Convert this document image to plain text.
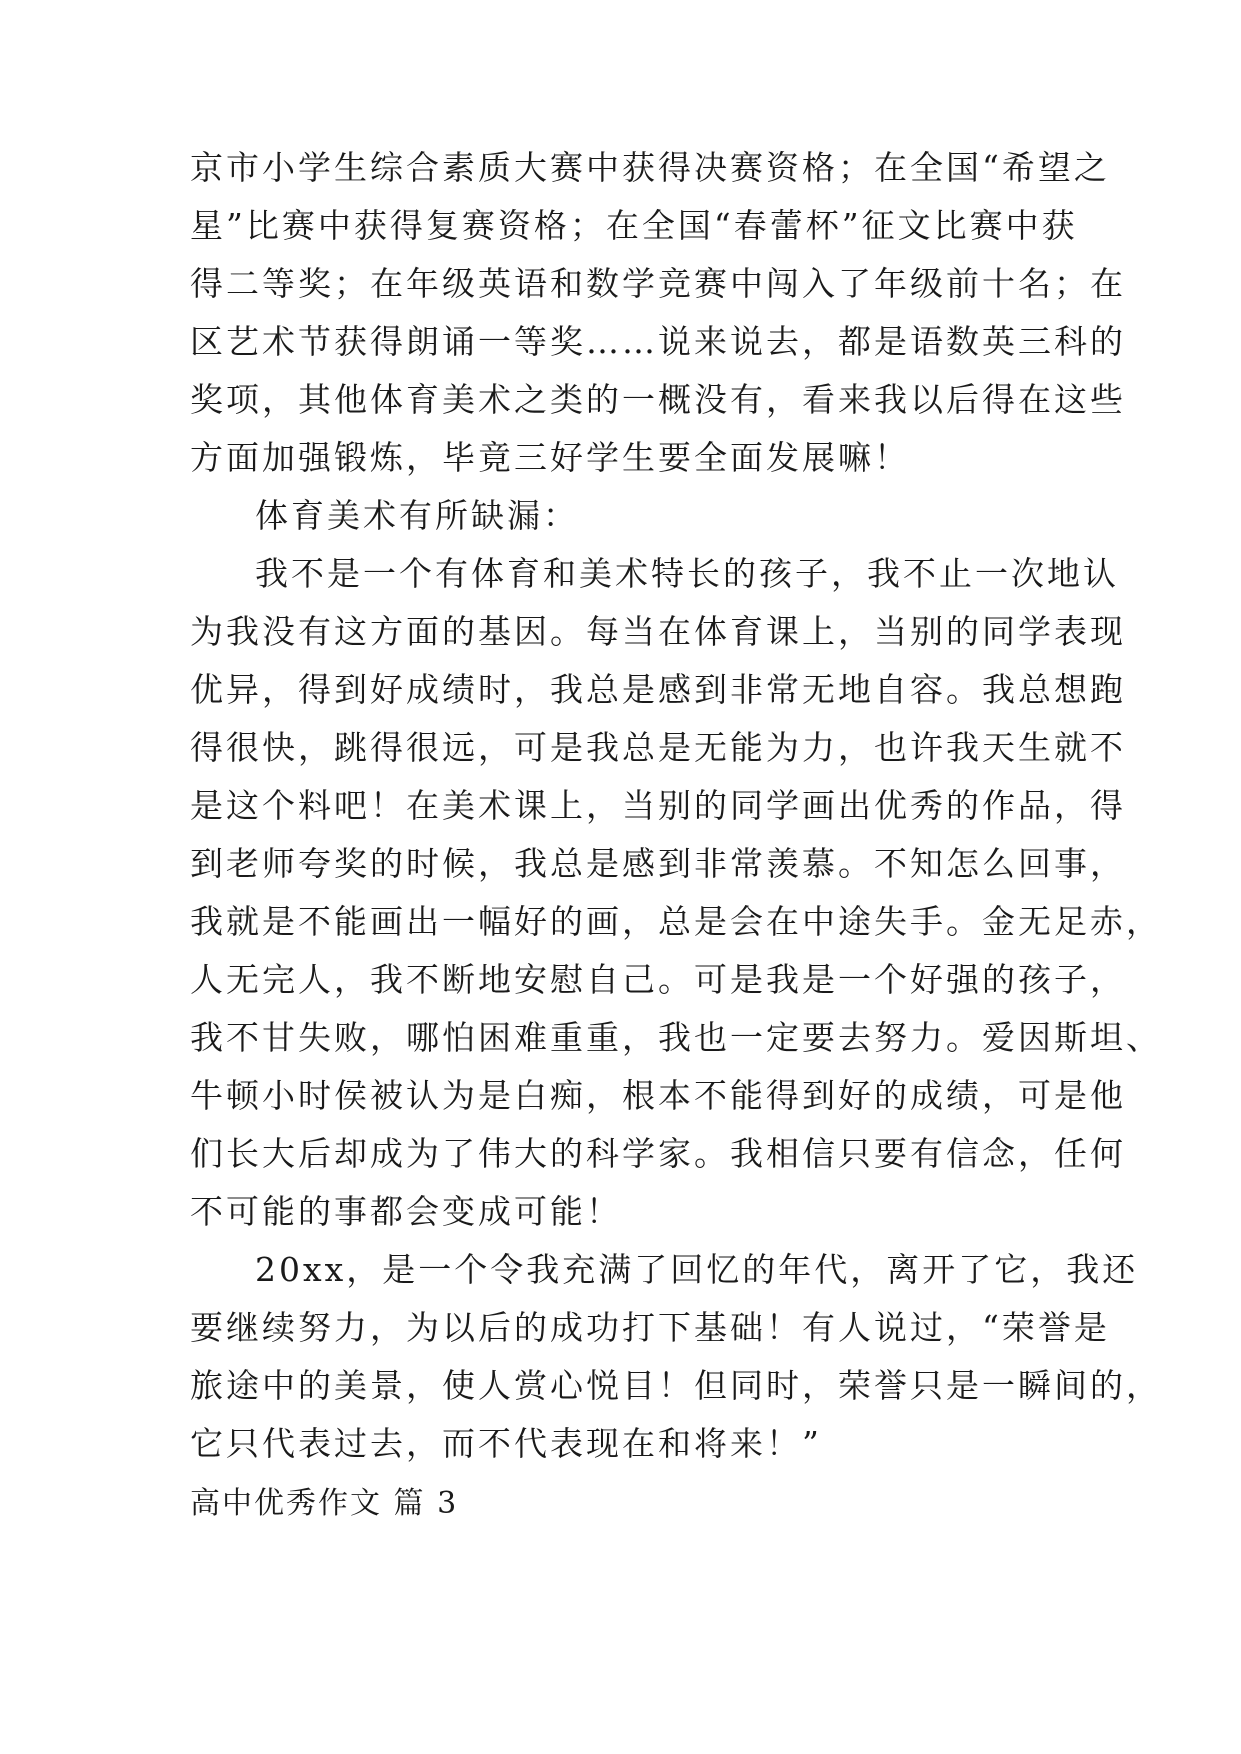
京市小学生综合素质大赛中获得决赛资格；在全国“希望之
星”比赛中获得复赛资格；在全国“春蕾杯”征文比赛中获
得二等奖；在年级英语和数学竞赛中闯入了年级前十名；在
区艺术节获得朗诵一等奖……说来说去，都是语数英三科的
奖项，其他体育美术之类的一概没有，看来我以后得在这些
方面加强锻炼，毕竟三好学生要全面发展嘛！
体育美术有所缺漏：
我不是一个有体育和美术特长的孩子，我不止一次地认
为我没有这方面的基因。每当在体育课上，当别的同学表现
优异，得到好成绩时，我总是感到非常无地自容。我总想跑
得很快，跳得很远，可是我总是无能为力，也许我天生就不
是这个料吧！在美术课上，当别的同学画出优秀的作品，得
到老师夸奖的时候，我总是感到非常羡慕。不知怎么回事，
我就是不能画出一幅好的画，总是会在中途失手。金无足赤，
人无完人，我不断地安慰自己。可是我是一个好强的孩子，
我不甘失败，哪怕困难重重，我也一定要去努力。爱因斯坦、
牛顿小时侯被认为是白痴，根本不能得到好的成绩，可是他
们长大后却成为了伟大的科学家。我相信只要有信念，任何
不可能的事都会变成可能！
20xx，是一个令我充满了回忆的年代，离开了它，我还
要继续努力，为以后的成功打下基础！有人说过，“荣誉是
旅途中的美景，使人赏心悦目！但同时，荣誉只是一瞬间的，
它只代表过去，而不代表现在和将来！”
高中优秀作文 篇 3
